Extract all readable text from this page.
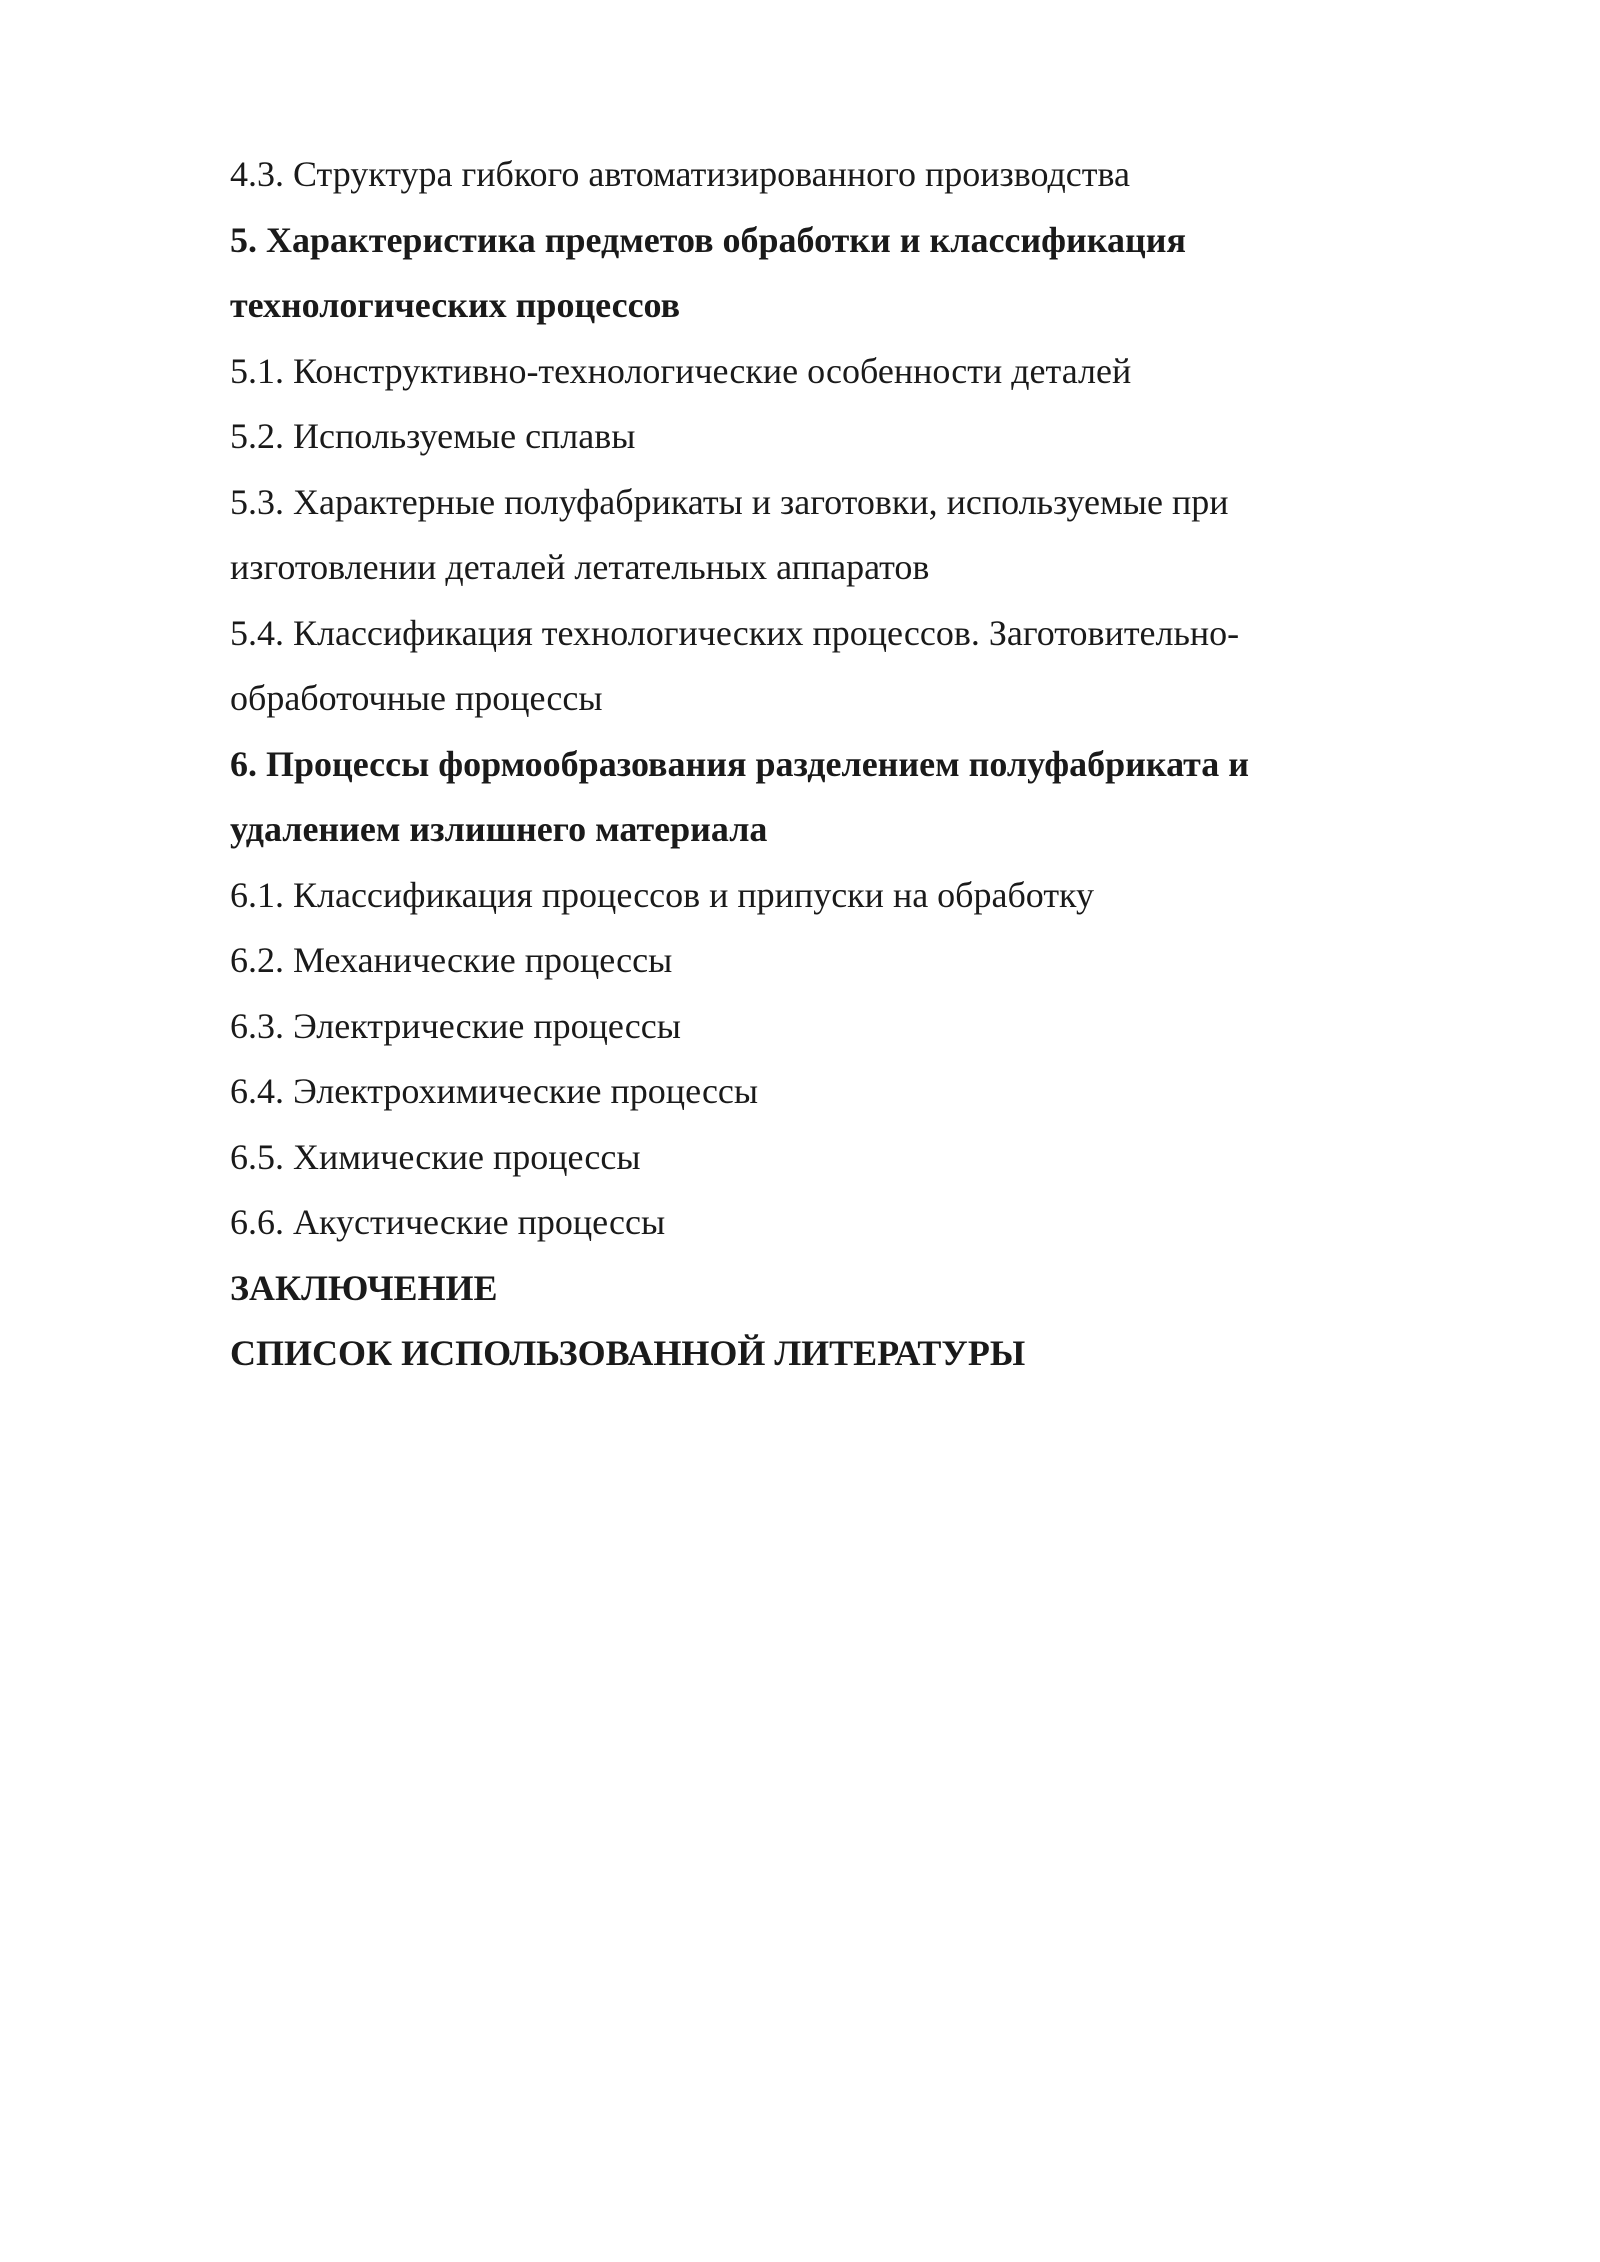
4.3. Структура гибкого автоматизированного производства

5. Характеристика предметов обработки и классификация

технологических процессов

5.1. Конструктивно-технологические особенности деталей

5.2. Используемые сплавы

5.3. Характерные полуфабрикаты и заготовки, используемые при

изготовлении деталей летательных аппаратов

5.4. Классификация технологических процессов. Заготовительно-

обработочные процессы

6. Процессы формообразования разделением полуфабриката и

удалением излишнего материала

6.1. Классификация процессов и припуски на обработку

6.2. Механические процессы

6.3. Электрические процессы

6.4. Электрохимические процессы

6.5. Химические процессы

6.6. Акустические процессы

ЗАКЛЮЧЕНИЕ

СПИСОК ИСПОЛЬЗОВАННОЙ ЛИТЕРАТУРЫ
